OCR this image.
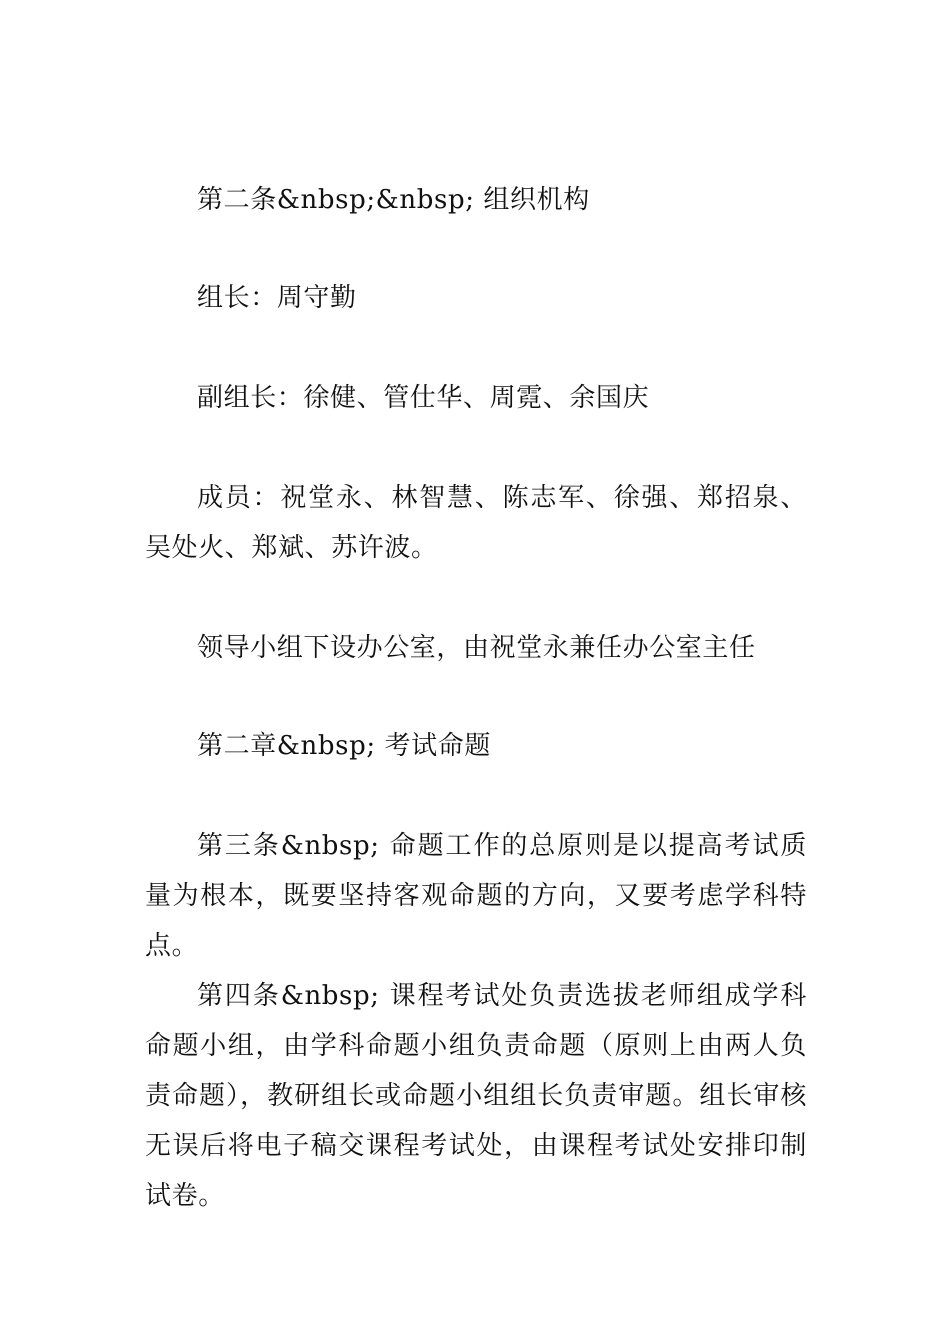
第二条&nbsp;&nbsp; 组织机构

组长：周守勤

副组长：徐健、管仕华、周霓、余国庆

成员：祝堂永、林智慧、陈志军、徐强、郑招泉、吴处火、郑斌、苏许波。

领导小组下设办公室，由祝堂永兼任办公室主任

第二章&nbsp; 考试命题

第三条&nbsp; 命题工作的总原则是以提高考试质量为根本，既要坚持客观命题的方向，又要考虑学科特点。

第四条&nbsp; 课程考试处负责选拔老师组成学科命题小组，由学科命题小组负责命题（原则上由两人负责命题），教研组长或命题小组组长负责审题。组长审核无误后将电子稿交课程考试处，由课程考试处安排印制试卷。
